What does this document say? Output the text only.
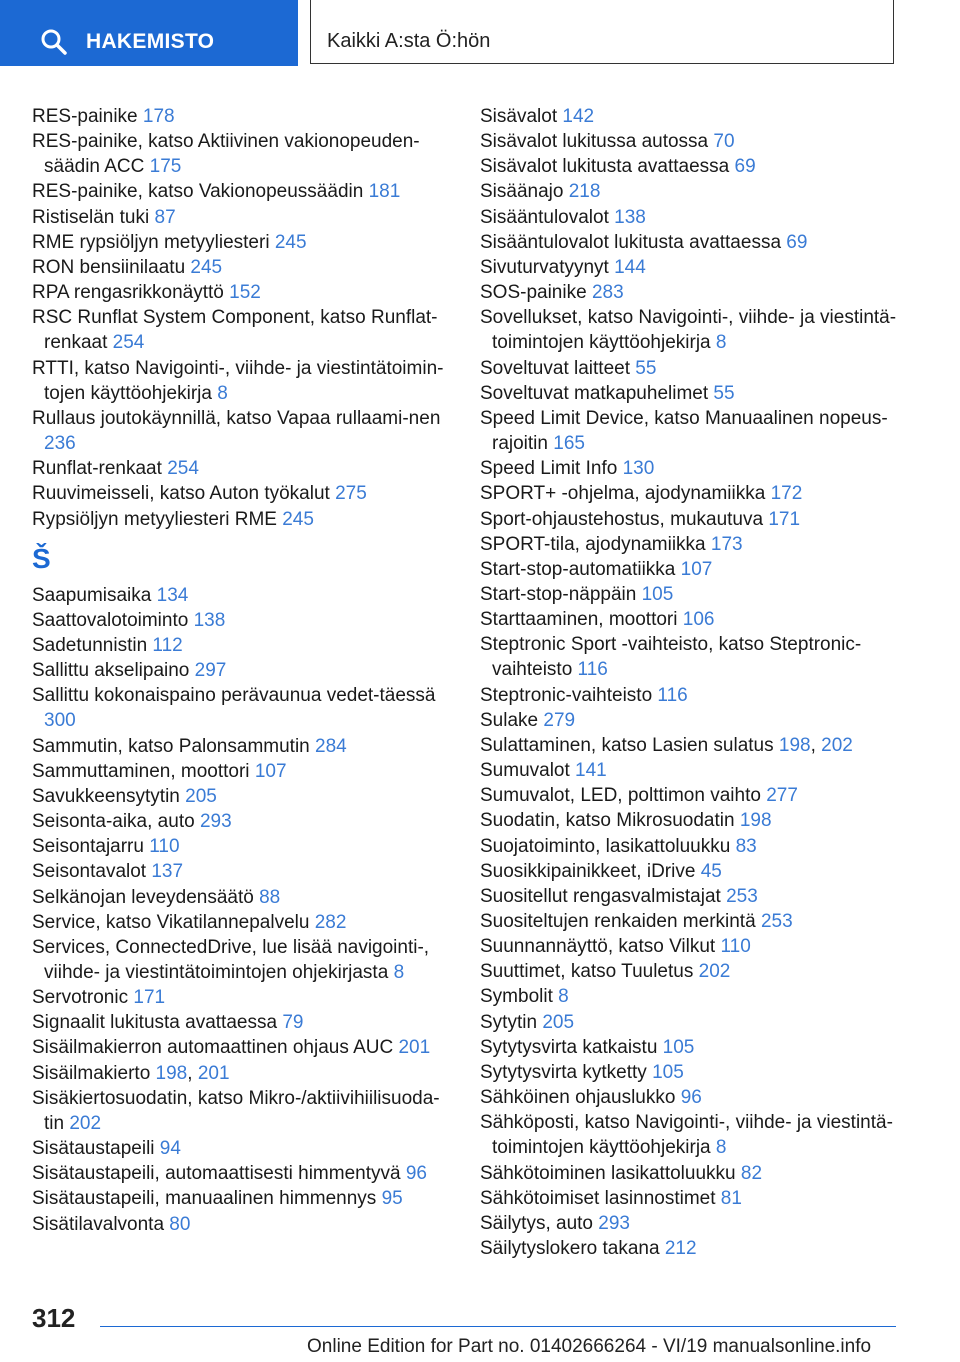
HAKEMISTO	Kaikki A:sta Ö:hön
RES-painike 178
RES-painike, katso Aktiivinen vakionopeuden‐säädin ACC 175
RES-painike, katso Vakionopeussäädin 181
Ristiselän tuki 87
RME rypsiöljyn metyyliesteri 245
RON bensiinilaatu 245
RPA rengasrikkonäyttö 152
RSC Runflat System Component, katso Runflat-renkaat 254
RTTI, katso Navigointi-, viihde- ja viestintätoimin‐tojen käyttöohjekirja 8
Rullaus joutokäynnillä, katso Vapaa rullaami‐nen 236
Runflat-renkaat 254
Ruuvimeisseli, katso Auton työkalut 275
Rypsiöljyn metyyliesteri RME 245
Š
Saapumisaika 134
Saattovalotoiminto 138
Sadetunnistin 112
Sallittu akselipaino 297
Sallittu kokonaispaino perävaunua vedet‐täessä 300
Sammutin, katso Palonsammutin 284
Sammuttaminen, moottori 107
Savukkeensytytin 205
Seisonta-aika, auto 293
Seisontajarru 110
Seisontavalot 137
Selkänojan leveydensäätö 88
Service, katso Vikatilannepalvelu 282
Services, ConnectedDrive, lue lisää navigointi-, viihde- ja viestintätoimintojen ohjekirjasta 8
Servotronic 171
Signaalit lukitusta avattaessa 79
Sisäilmakierron automaattinen ohjaus AUC 201
Sisäilmakierto 198, 201
Sisäkiertosuodatin, katso Mikro-/aktiivihiilisuoda‐tin 202
Sisätaustapeili 94
Sisätaustapeili, automaattisesti himmentyvä 96
Sisätaustapeili, manuaalinen himmennys 95
Sisätilavalvonta 80
Sisävalot 142
Sisävalot lukitussa autossa 70
Sisävalot lukitusta avattaessa 69
Sisäänajo 218
Sisääntulovalot 138
Sisääntulovalot lukitusta avattaessa 69
Sivuturvatyynyt 144
SOS-painike 283
Sovellukset, katso Navigointi-, viihde- ja viestintä‐toimintojen käyttöohjekirja 8
Soveltuvat laitteet 55
Soveltuvat matkapuhelimet 55
Speed Limit Device, katso Manuaalinen nopeus‐rajoitin 165
Speed Limit Info 130
SPORT+ -ohjelma, ajodynamiikka 172
Sport-ohjaustehostus, mukautuva 171
SPORT-tila, ajodynamiikka 173
Start-stop-automatiikka 107
Start-stop-näppäin 105
Starttaaminen, moottori 106
Steptronic Sport -vaihteisto, katso Steptronic-vaihteisto 116
Steptronic-vaihteisto 116
Sulake 279
Sulattaminen, katso Lasien sulatus 198, 202
Sumuvalot 141
Sumuvalot, LED, polttimon vaihto 277
Suodatin, katso Mikrosuodatin 198
Suojatoiminto, lasikattoluukku 83
Suosikkipainikkeet, iDrive 45
Suositellut rengasvalmistajat 253
Suositeltujen renkaiden merkintä 253
Suunnannäyttö, katso Vilkut 110
Suuttimet, katso Tuuletus 202
Symbolit 8
Sytytin 205
Sytytysvirta katkaistu 105
Sytytysvirta kytketty 105
Sähköinen ohjauslukko 96
Sähköposti, katso Navigointi-, viihde- ja viestintä‐toimintojen käyttöohjekirja 8
Sähkötoiminen lasikattoluukku 82
Sähkötoimiset lasinnostimet 81
Säilytys, auto 293
Säilytyslokero takana 212
312
Online Edition for Part no. 01402666264 - VI/19 manualsonline.info
